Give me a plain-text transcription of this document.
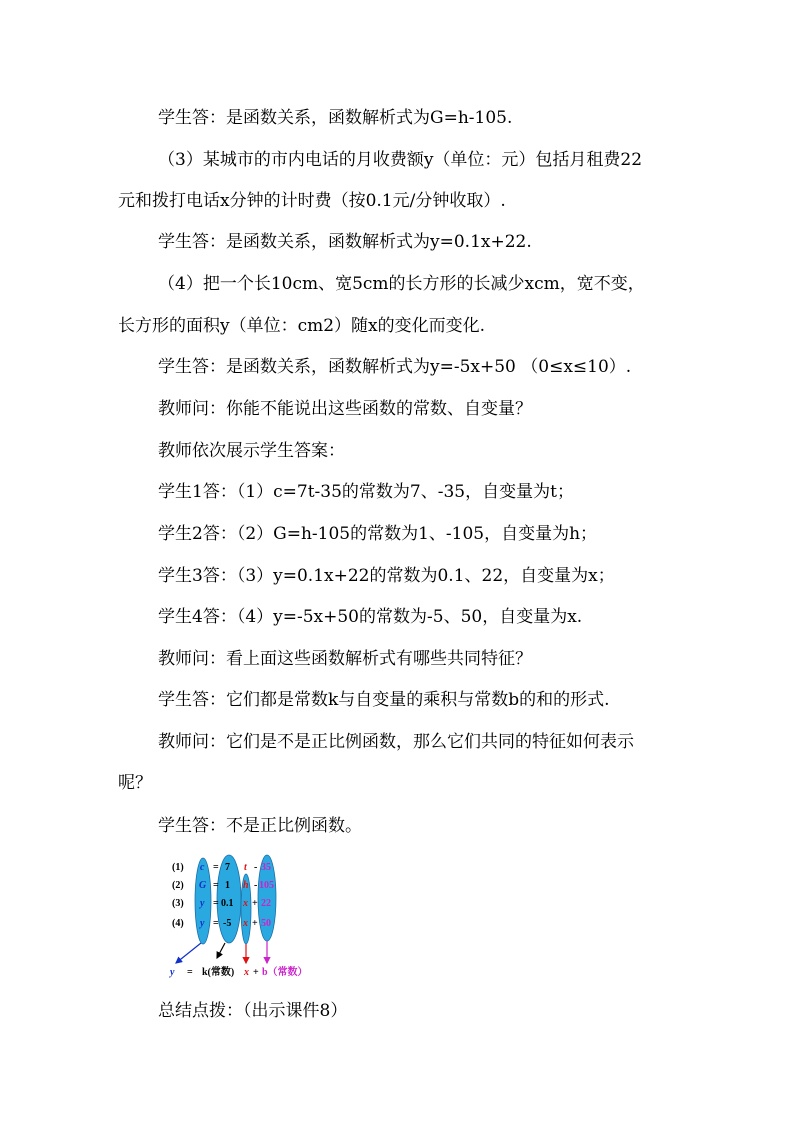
学生答：是函数关系，函数解析式为G=h-105.
（3）某城市的市内电话的月收费额y（单位：元）包括月租费22
元和拨打电话x分钟的计时费（按0.1元/分钟收取）.
学生答：是函数关系，函数解析式为y=0.1x+22.
（4）把一个长10cm、宽5cm的长方形的长减少xcm，宽不变，
长方形的面积y（单位：cm2）随x的变化而变化.
学生答：是函数关系，函数解析式为y=-5x+50 （0≤x≤10）.
教师问：你能不能说出这些函数的常数、自变量？
教师依次展示学生答案：
学生1答：（1）c=7t-35的常数为7、-35，自变量为t；
学生2答：（2）G=h-105的常数为1、-105，自变量为h；
学生3答：（3）y=0.1x+22的常数为0.1、22，自变量为x；
学生4答：（4）y=-5x+50的常数为-5、50，自变量为x.
教师问：看上面这些函数解析式有哪些共同特征？
学生答：它们都是常数k与自变量的乘积与常数b的和的形式.
教师问：它们是不是正比例函数，那么它们共同的特征如何表示
呢？
学生答：不是正比例函数。
(1)
(2)
(3)
(4)
c
G
y
y
=
=
=
=
7
1
0.1
-5
t
h
x
x
-
-
+
+
35
105
22
50
y = k(常数) x + b（常数）
总结点拨：（出示课件8）
